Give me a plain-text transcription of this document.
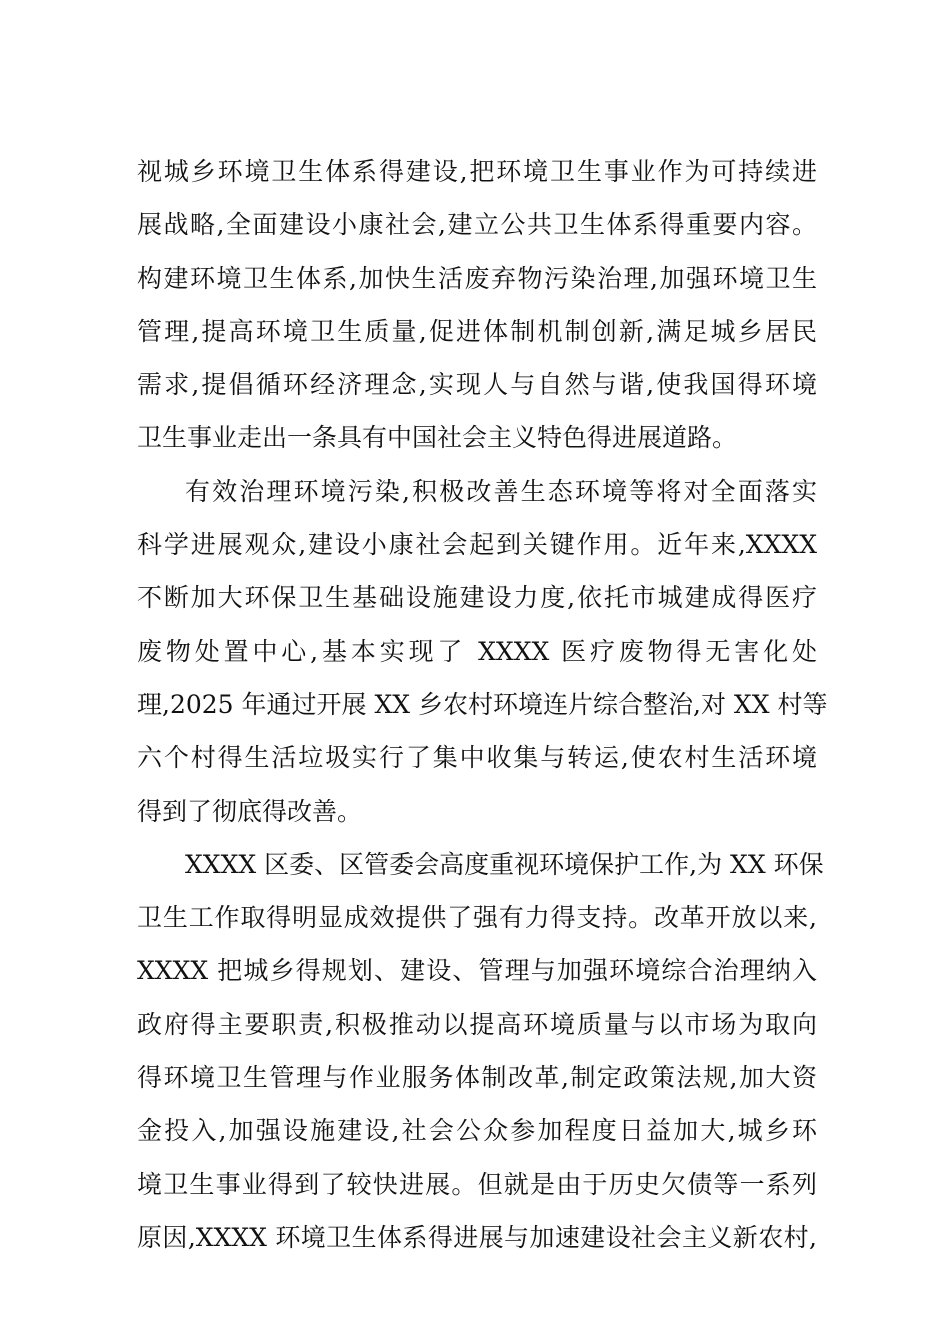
视城乡环境卫生体系得建设,把环境卫生事业作为可持续进
展战略,全面建设小康社会,建立公共卫生体系得重要内容。
构建环境卫生体系,加快生活废弃物污染治理,加强环境卫生
管理,提高环境卫生质量,促进体制机制创新,满足城乡居民
需求,提倡循环经济理念,实现人与自然与谐,使我国得环境
卫生事业走出一条具有中国社会主义特色得进展道路。
有效治理环境污染,积极改善生态环境等将对全面落实
科学进展观众,建设小康社会起到关键作用。近年来,XXXX
不断加大环保卫生基础设施建设力度,依托市城建成得医疗
废物处置中心,基本实现了 XXXX 医疗废物得无害化处
理,2025 年通过开展 XX 乡农村环境连片综合整治,对 XX 村等
六个村得生活垃圾实行了集中收集与转运,使农村生活环境
得到了彻底得改善。
XXXX 区委、区管委会高度重视环境保护工作,为 XX 环保
卫生工作取得明显成效提供了强有力得支持。改革开放以来,
XXXX 把城乡得规划、建设、管理与加强环境综合治理纳入
政府得主要职责,积极推动以提高环境质量与以市场为取向
得环境卫生管理与作业服务体制改革,制定政策法规,加大资
金投入,加强设施建设,社会公众参加程度日益加大,城乡环
境卫生事业得到了较快进展。但就是由于历史欠债等一系列
原因,XXXX 环境卫生体系得进展与加速建设社会主义新农村,
